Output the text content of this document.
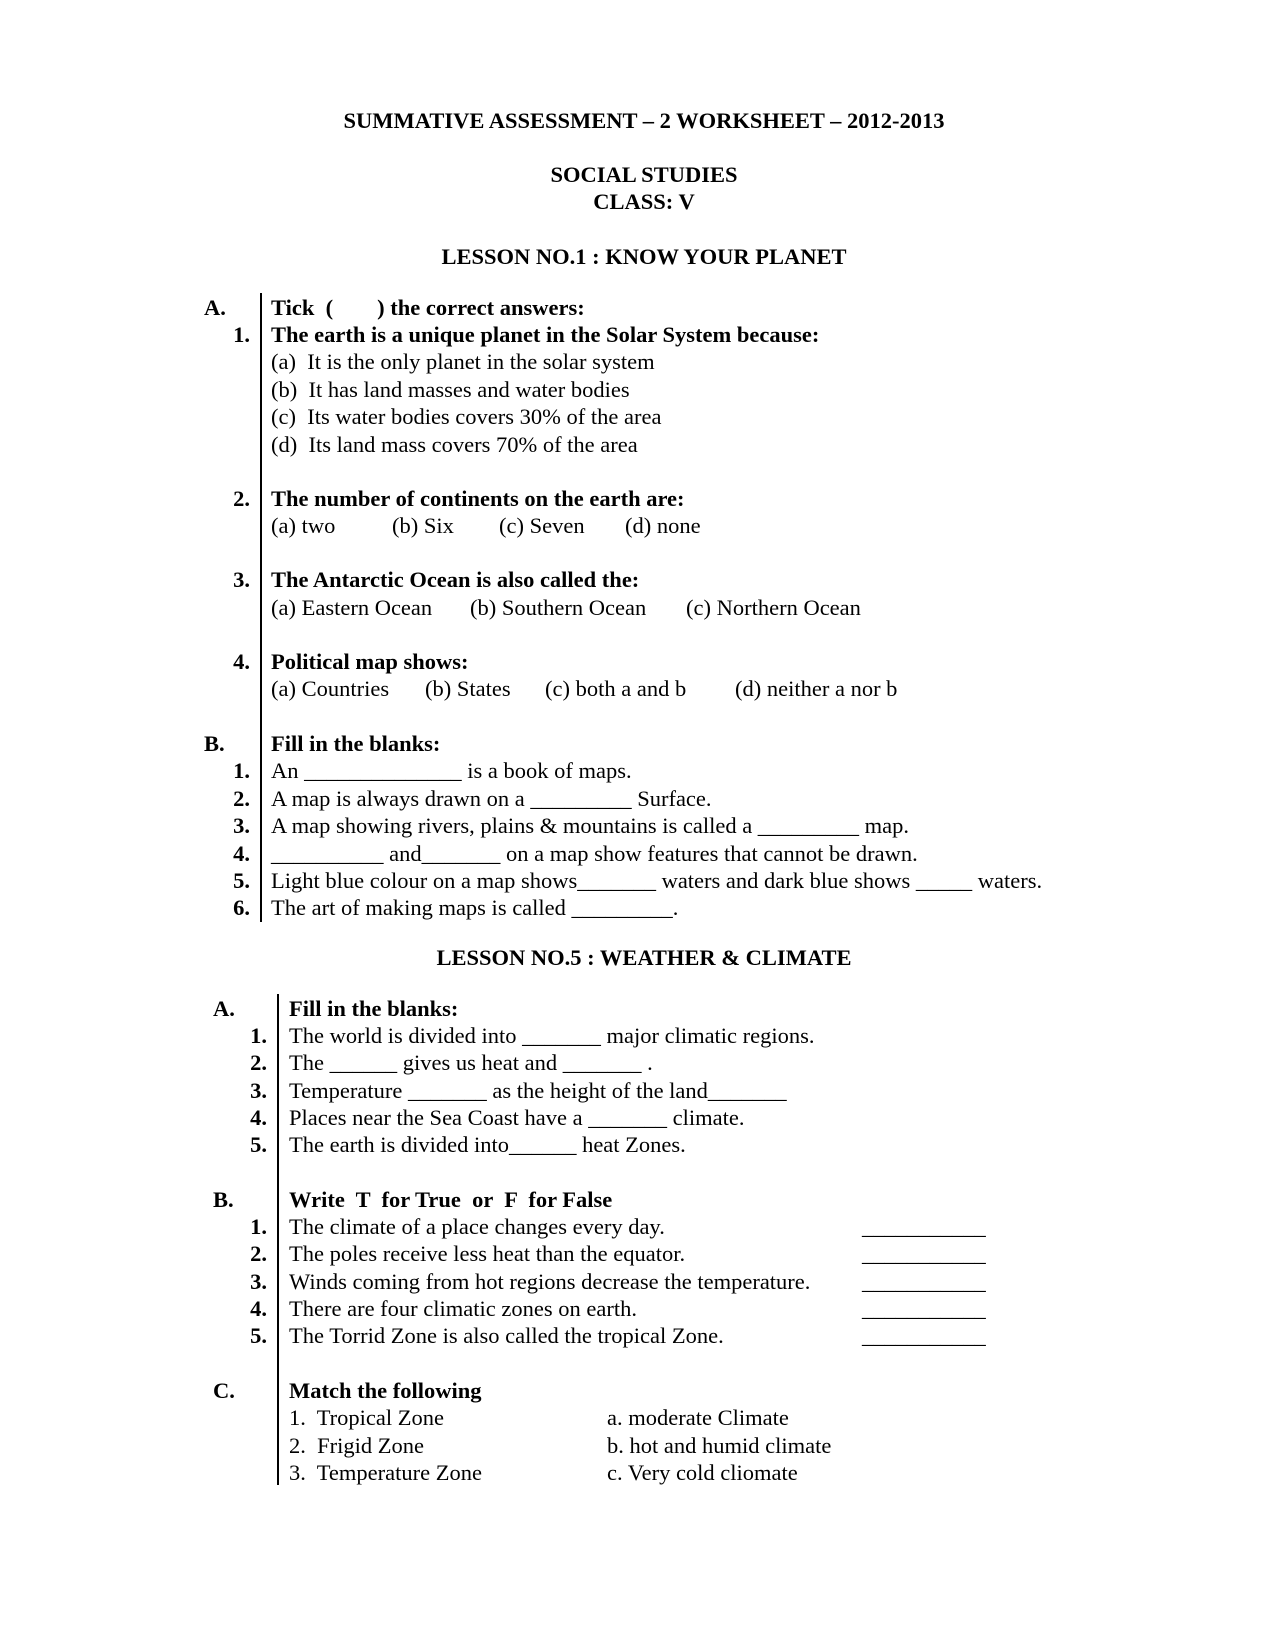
SUMMATIVE ASSESSMENT – 2 WORKSHEET – 2012-2013
SOCIAL STUDIES
CLASS: V
LESSON NO.1 : KNOW YOUR PLANET
A. Tick  ( ) the correct answers:
1. The earth is a unique planet in the Solar System because:
(a)  It is the only planet in the solar system
(b)  It has land masses and water bodies
(c)  Its water bodies covers 30% of the area
(d)  Its land mass covers 70% of the area
2. The number of continents on the earth are:
(a) two	(b) Six (c) Seven (d) none
3. The Antarctic Ocean is also called the:
(a) Eastern Ocean (b) Southern Ocean (c) Northern Ocean
4. Political map shows:
(a) Countries (b) States (c) both a and b (d) neither a nor b
B. Fill in the blanks:
1. An ______________ is a book of maps.
2. A map is always drawn on a _________ Surface.
3. A map showing rivers, plains & mountains is called a _________ map.
4. __________ and_______ on a map show features that cannot be drawn.
5. Light blue colour on a map shows_______ waters and dark blue shows _____ waters.
6. The art of making maps is called _________.
LESSON NO.5 : WEATHER & CLIMATE
A. Fill in the blanks:
1. The world is divided into _______ major climatic regions.
2. The ______ gives us heat and _______ .
3. Temperature _______ as the height of the land_______
4. Places near the Sea Coast have a _______ climate.
5. The earth is divided into______ heat Zones.
B. Write  T  for True  or  F  for False
1. The climate of a place changes every day.	___________
2. The poles receive less heat than the equator.	___________
3. Winds coming from hot regions decrease the temperature. ___________
4. There are four climatic zones on earth.	___________
5. The Torrid Zone is also called the tropical Zone.	___________
C. Match the following
1.  Tropical Zone	a. moderate Climate
2.  Frigid Zone	b. hot and humid climate
3.  Temperature Zone	c. Very cold cliomate
